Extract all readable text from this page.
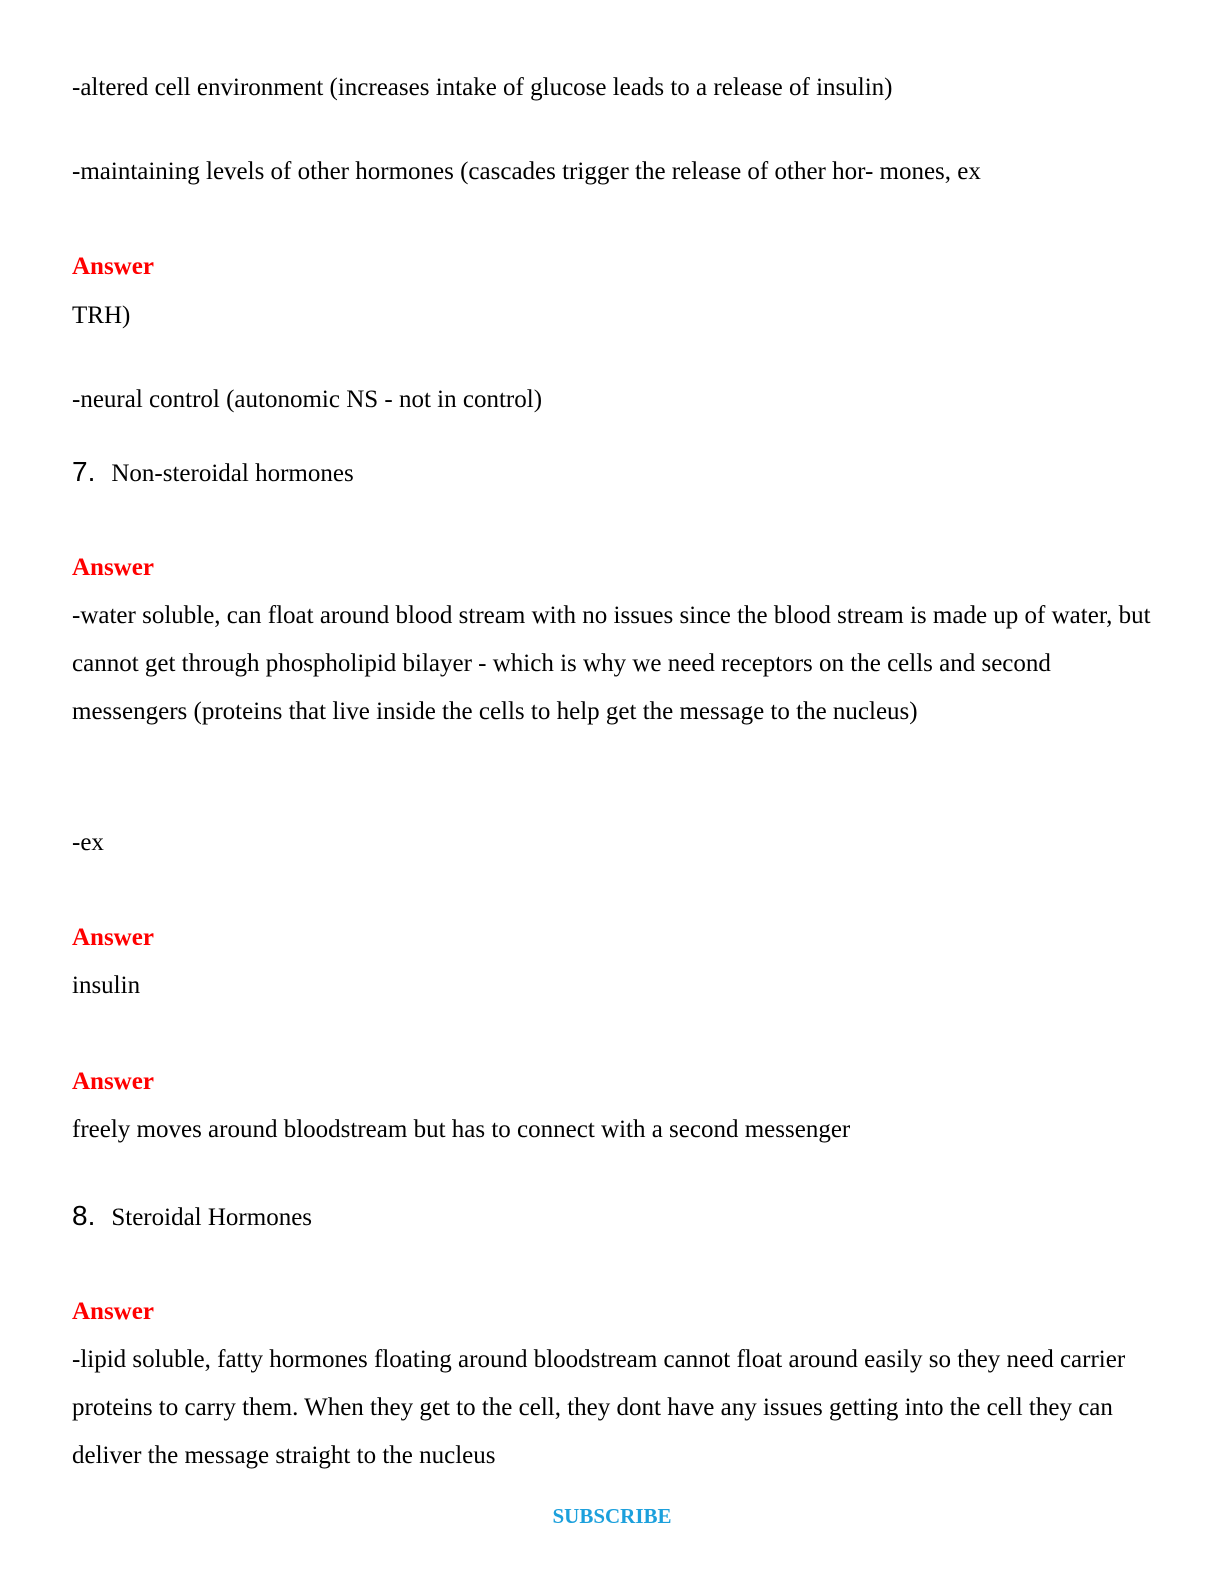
-altered cell environment (increases intake of glucose leads to a release of insulin)
-maintaining levels of other hormones (cascades trigger the release of other hor- mones, ex
Answer
TRH)
-neural control (autonomic NS - not in control)
7. Non-steroidal hormones
Answer
-water soluble, can float around blood stream with no issues since the blood stream is made up of water, but cannot get through phospholipid bilayer - which is why we need receptors on the cells and second messengers (proteins that live inside the cells to help get the message to the nucleus)
-ex
Answer
insulin
Answer
freely moves around bloodstream but has to connect with a second messenger
8. Steroidal Hormones
Answer
-lipid soluble, fatty hormones floating around bloodstream cannot float around easily so they need carrier proteins to carry them. When they get to the cell, they dont have any issues getting into the cell they can deliver the message straight to the nucleus
SUBSCRIBE
